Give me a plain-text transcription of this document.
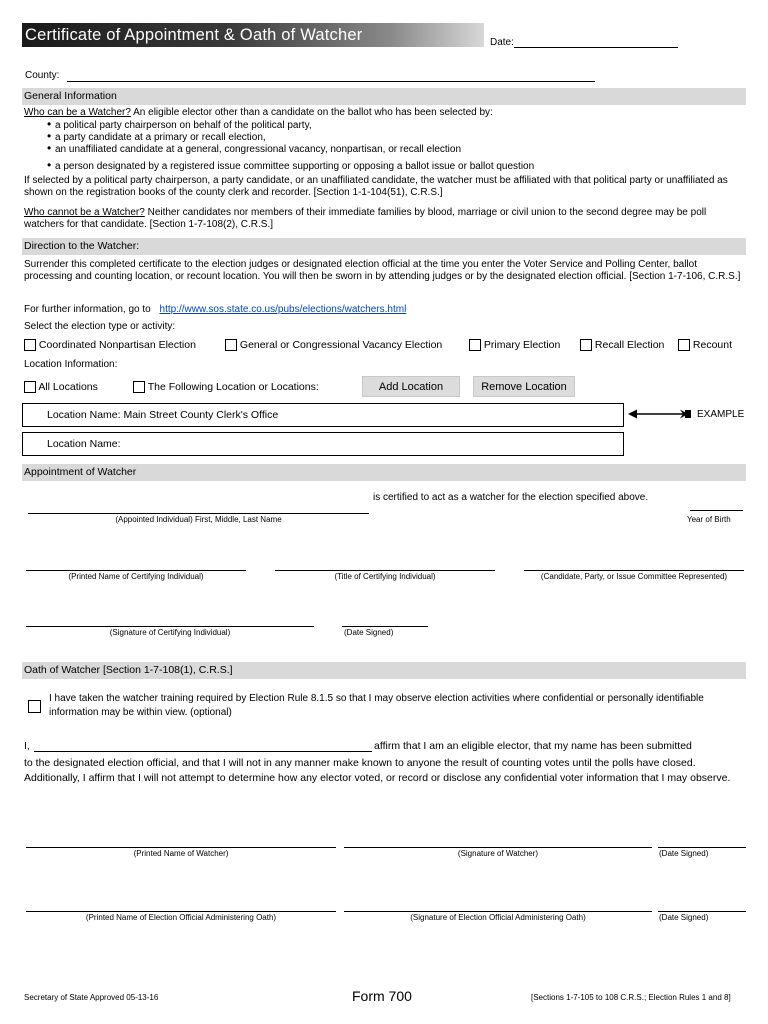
Certificate of Appointment & Oath of Watcher	Date:
County:
General Information
Who can be a Watcher? An eligible elector other than a candidate on the ballot who has been selected by:
• a political party chairperson on behalf of the political party,
• a party candidate at a primary or recall election,
• an unaffiliated candidate at a general, congressional vacancy, nonpartisan, or recall election
• a person designated by a registered issue committee supporting or opposing a ballot issue or ballot question
If selected by a political party chairperson, a party candidate, or an unaffiliated candidate, the watcher must be affiliated with that political party or unaffiliated as shown on the registration books of the county clerk and recorder. [Section 1-1-104(51), C.R.S.]
Who cannot be a Watcher? Neither candidates nor members of their immediate families by blood, marriage or civil union to the second degree may be poll watchers for that candidate. [Section 1-7-108(2), C.R.S.]
Direction to the Watcher:
Surrender this completed certificate to the election judges or designated election official at the time you enter the Voter Service and Polling Center, ballot processing and counting location, or recount location. You will then be sworn in by attending judges or by the designated election official. [Section 1-7-106, C.R.S.]
For further information, go to http://www.sos.state.co.us/pubs/elections/watchers.html
Select the election type or activity:
Coordinated Nonpartisan Election	General or Congressional Vacancy Election	Primary Election	Recall Election	Recount
Location Information:
All Locations	The Following Location or Locations:	Add Location	Remove Location
Location Name: Main Street County Clerk's Office
Location Name:
EXAMPLE
Appointment of Watcher
is certified to act as a watcher for the election specified above.
(Appointed Individual) First, Middle, Last Name	Year of Birth
(Printed Name of Certifying Individual)	(Title of Certifying Individual)	(Candidate, Party, or Issue Committee Represented)
(Signature of Certifying Individual)	(Date Signed)
Oath of Watcher [Section 1-7-108(1), C.R.S.]
I have taken the watcher training required by Election Rule 8.1.5 so that I may observe election activities where confidential or personally identifiable information may be within view. (optional)
I,	affirm that I am an eligible elector, that my name has been submitted
to the designated election official, and that I will not in any manner make known to anyone the result of counting votes until the polls have closed. Additionally, I affirm that I will not attempt to determine how any elector voted, or record or disclose any confidential voter information that I may observe.
(Printed Name of Watcher)	(Signature of Watcher)	(Date Signed)
(Printed Name of Election Official Administering Oath)	(Signature of Election Official Administering Oath)	(Date Signed)
Secretary of State Approved 05-13-16	Form 700	[Sections 1-7-105 to 108 C.R.S.; Election Rules 1 and 8]
